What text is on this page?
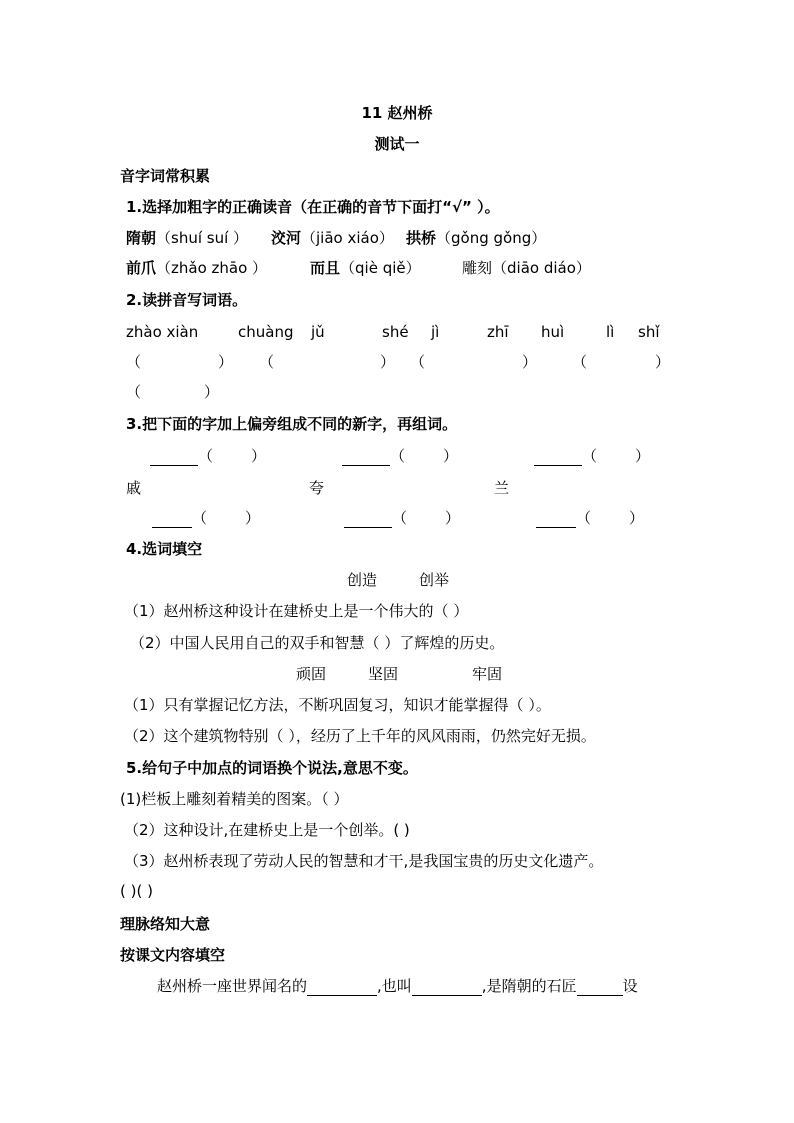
11 赵州桥
测试一
音字词常积累
1.选择加粗字的正确读音（在正确的音节下面打“√” ）。
隋朝（shuí suí ） 洨河（jiāo xiáo） 拱桥（gǒng gǒng）
前爪（zhǎo zhāo ）	而且（qiè qiě）	雕刻（diāo diáo）
2.读拼音写词语。
zhào xiàn	chuàng jǔ	shé jì	zhī huì	lì shǐ
（	） （	） （	） （	）
（	）
3.把下面的字加上偏旁组成不同的新字，再组词。
（	）	（	）	（	）
戚	夸	兰
（	）	（	）	（	）
4.选词填空
创造	创举
（1）赵州桥这种设计在建桥史上是一个伟大的（ ）
（2）中国人民用自己的双手和智慧（ ）了辉煌的历史。
顽固	坚固	牢固
（1）只有掌握记忆方法，不断巩固复习，知识才能掌握得（ ）。
（2）这个建筑物特别（ ），经历了上千年的风风雨雨，仍然完好无损。
5.给句子中加点的词语换个说法,意思不变。
(1)栏板上雕刻着精美的图案。（ ）
（2）这种设计,在建桥史上是一个创举。( )
（3）赵州桥表现了劳动人民的智慧和才干,是我国宝贵的历史文化遗产。
( )( )
理脉络知大意
按课文内容填空
赵州桥一座世界闻名的	,也叫	,是隋朝的石匠	设
